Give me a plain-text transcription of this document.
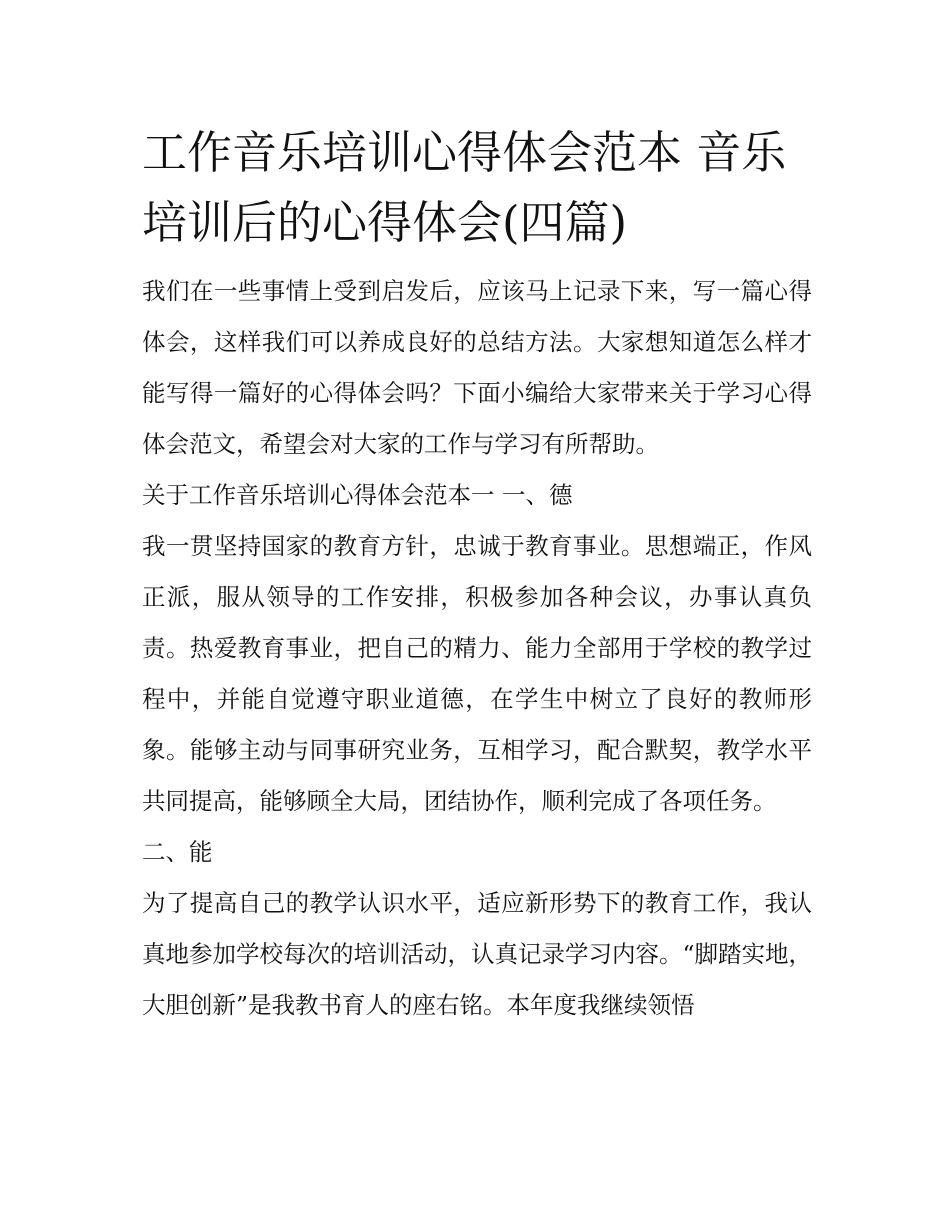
工作音乐培训心得体会范本 音乐培训后的心得体会(四篇)

我们在一些事情上受到启发后，应该马上记录下来，写一篇心得体会，这样我们可以养成良好的总结方法。大家想知道怎么样才能写得一篇好的心得体会吗？下面小编给大家带来关于学习心得体会范文，希望会对大家的工作与学习有所帮助。

关于工作音乐培训心得体会范本一 一、德

我一贯坚持国家的教育方针，忠诚于教育事业。思想端正，作风正派，服从领导的工作安排，积极参加各种会议，办事认真负责。热爱教育事业，把自己的精力、能力全部用于学校的教学过程中，并能自觉遵守职业道德，在学生中树立了良好的教师形象。能够主动与同事研究业务，互相学习，配合默契，教学水平共同提高，能够顾全大局，团结协作，顺利完成了各项任务。

二、能

为了提高自己的教学认识水平，适应新形势下的教育工作，我认真地参加学校每次的培训活动，认真记录学习内容。“脚踏实地，大胆创新”是我教书育人的座右铭。本年度我继续领悟
